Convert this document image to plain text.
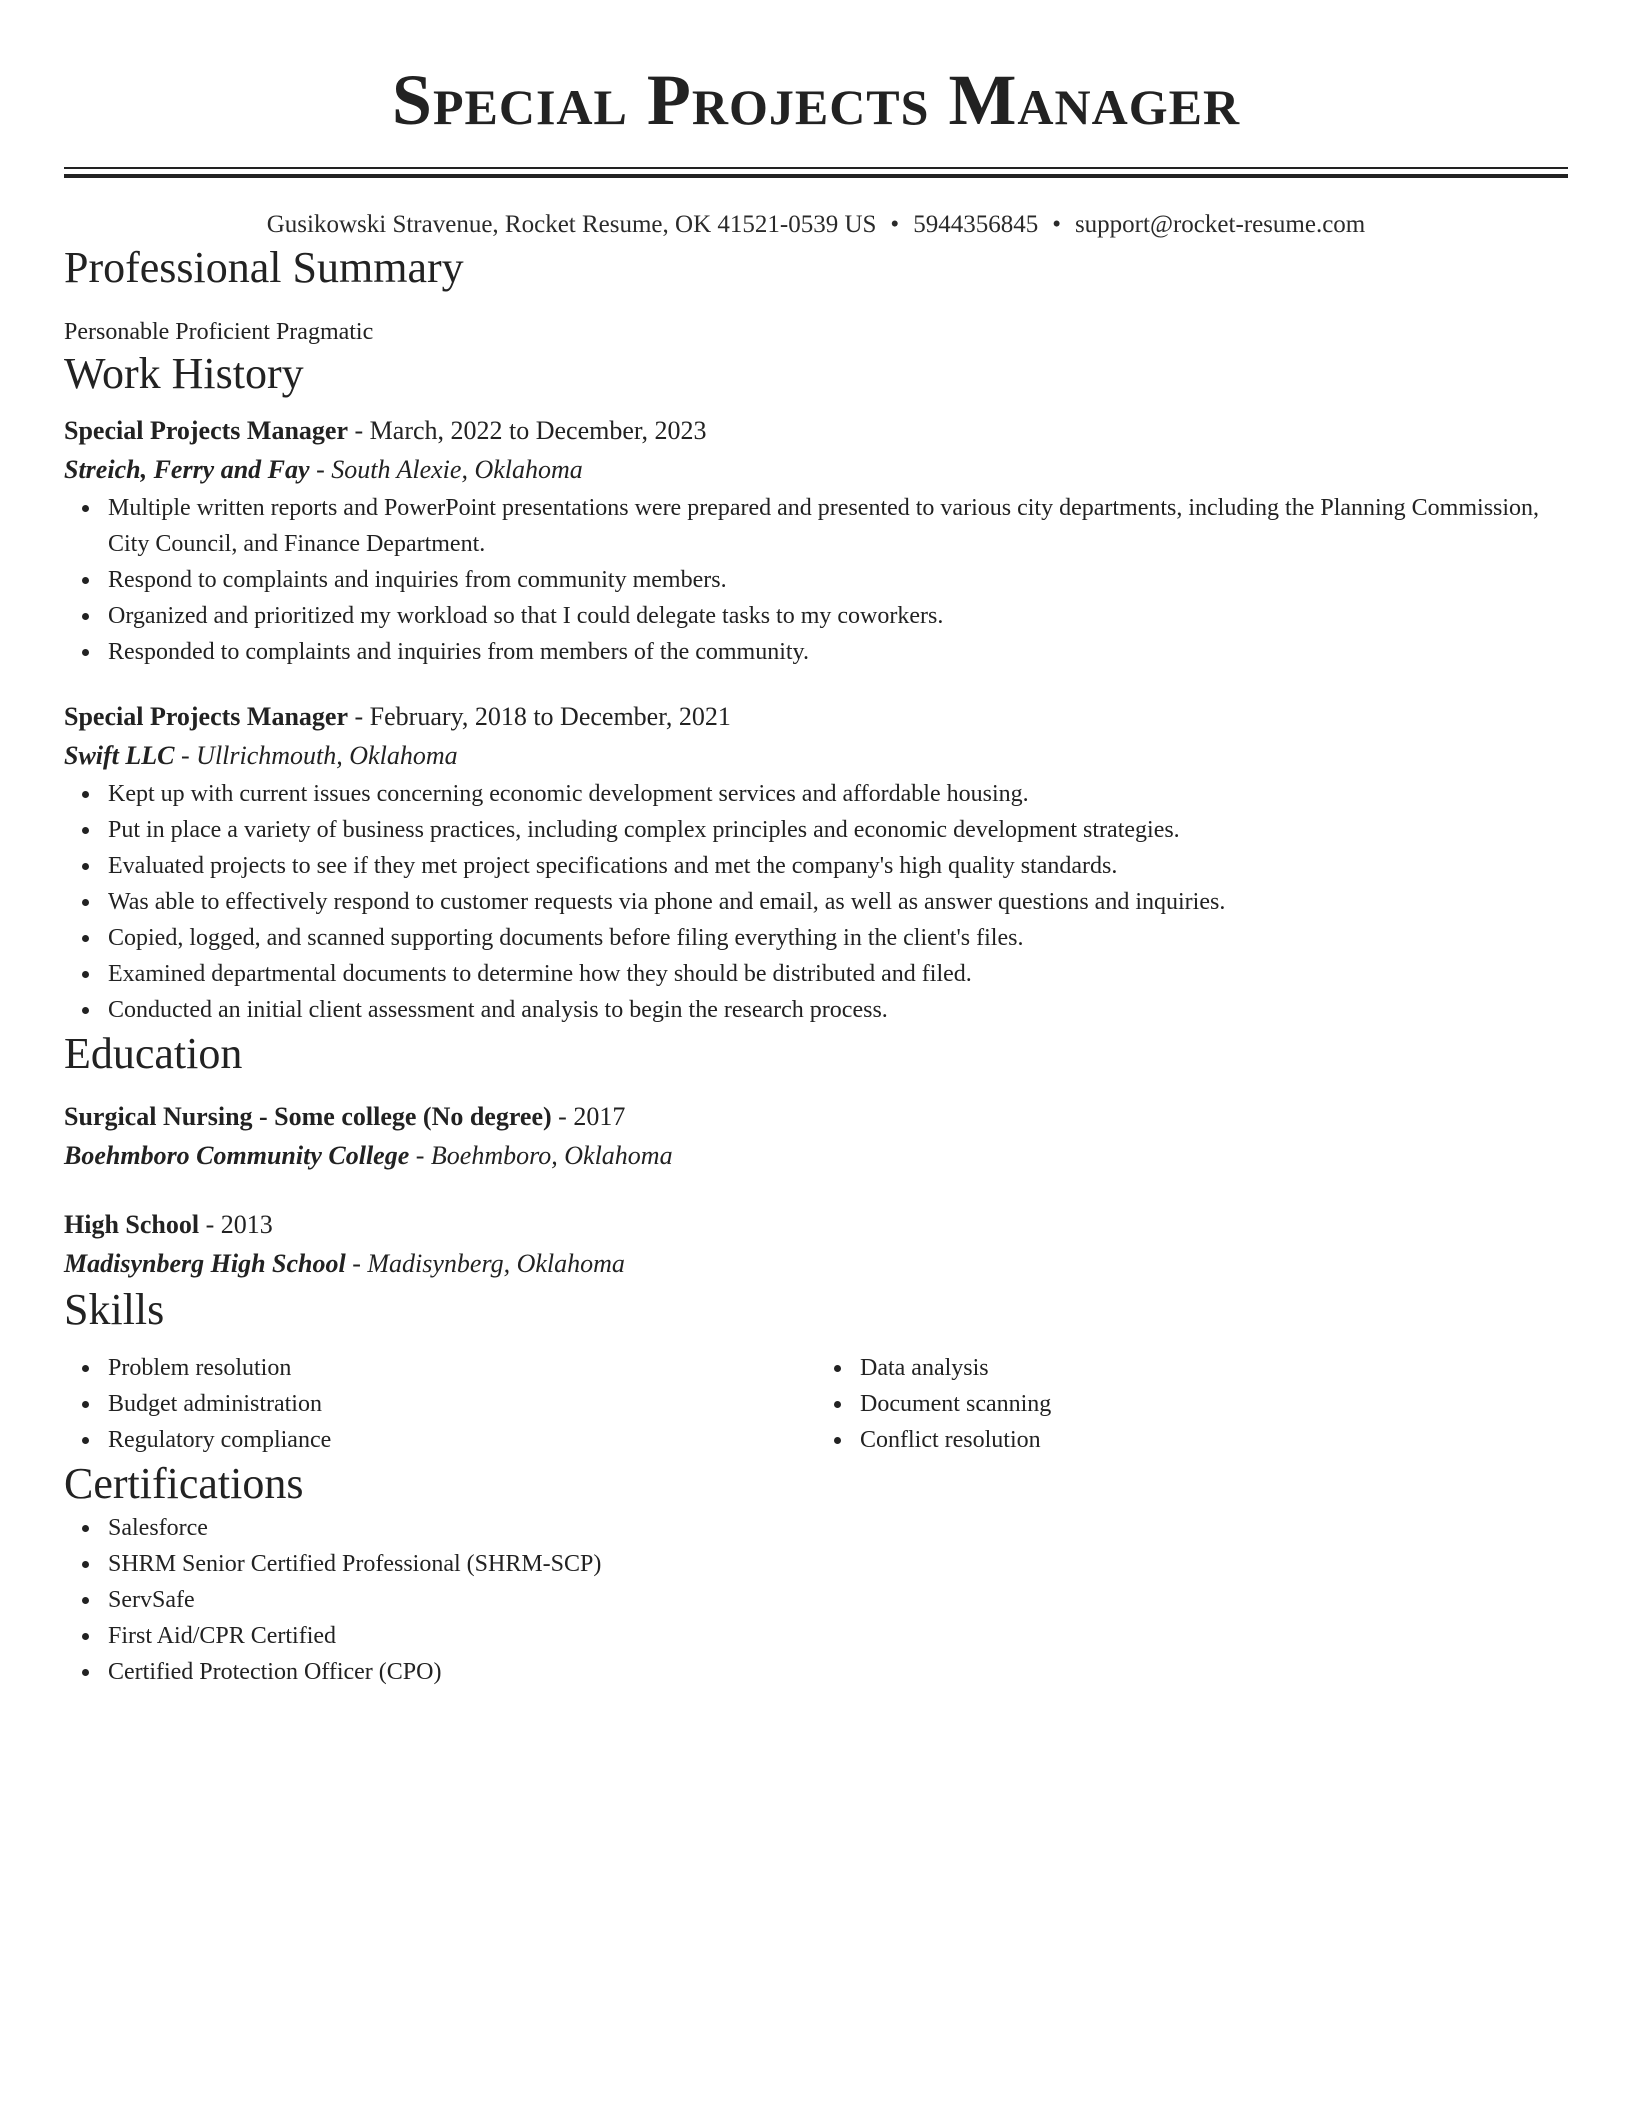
Special Projects Manager
Gusikowski Stravenue, Rocket Resume, OK 41521-0539 US • 5944356845 • support@rocket-resume.com
Professional Summary
Personable Proficient Pragmatic
Work History
Special Projects Manager - March, 2022 to December, 2023
Streich, Ferry and Fay - South Alexie, Oklahoma
Multiple written reports and PowerPoint presentations were prepared and presented to various city departments, including the Planning Commission, City Council, and Finance Department.
Respond to complaints and inquiries from community members.
Organized and prioritized my workload so that I could delegate tasks to my coworkers.
Responded to complaints and inquiries from members of the community.
Special Projects Manager - February, 2018 to December, 2021
Swift LLC - Ullrichmouth, Oklahoma
Kept up with current issues concerning economic development services and affordable housing.
Put in place a variety of business practices, including complex principles and economic development strategies.
Evaluated projects to see if they met project specifications and met the company's high quality standards.
Was able to effectively respond to customer requests via phone and email, as well as answer questions and inquiries.
Copied, logged, and scanned supporting documents before filing everything in the client's files.
Examined departmental documents to determine how they should be distributed and filed.
Conducted an initial client assessment and analysis to begin the research process.
Education
Surgical Nursing - Some college (No degree) - 2017
Boehmboro Community College - Boehmboro, Oklahoma
High School - 2013
Madisynberg High School - Madisynberg, Oklahoma
Skills
Problem resolution
Budget administration
Regulatory compliance
Data analysis
Document scanning
Conflict resolution
Certifications
Salesforce
SHRM Senior Certified Professional (SHRM-SCP)
ServSafe
First Aid/CPR Certified
Certified Protection Officer (CPO)
